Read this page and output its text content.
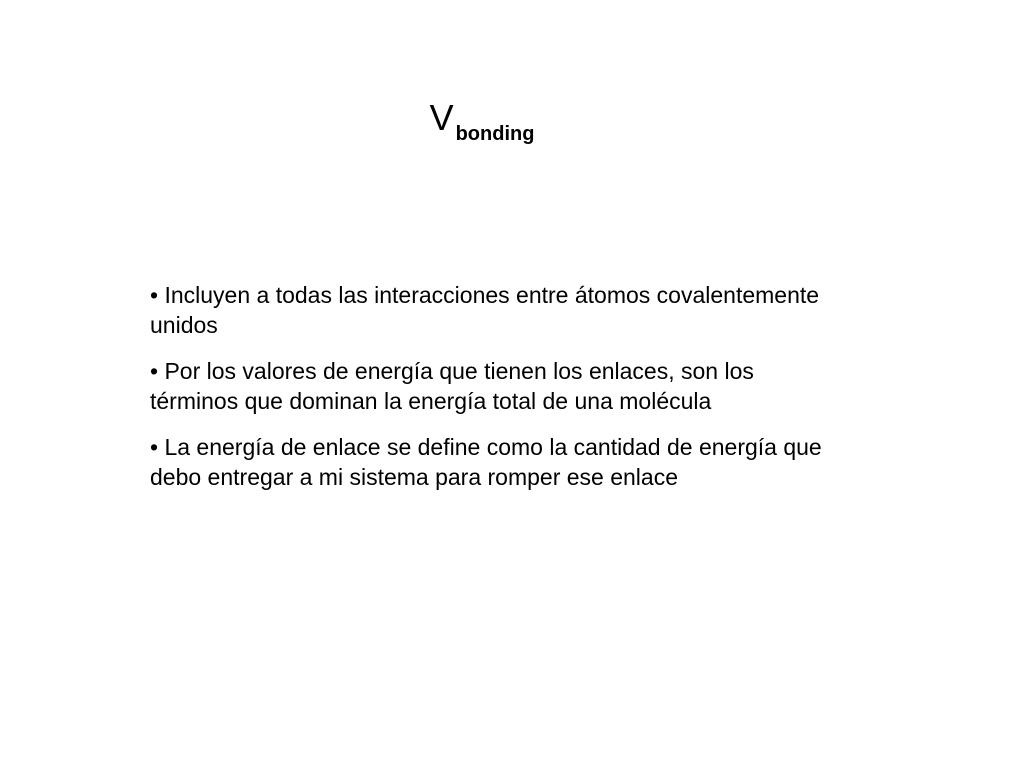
V $_{bonding}$
• Incluyen a todas las interacciones entre átomos covalentemente unidos
• Por los valores de energía que tienen los enlaces, son los términos que dominan la energía total de una molécula
• La energía de enlace se define como la cantidad de energía que debo entregar a mi sistema para romper ese enlace
